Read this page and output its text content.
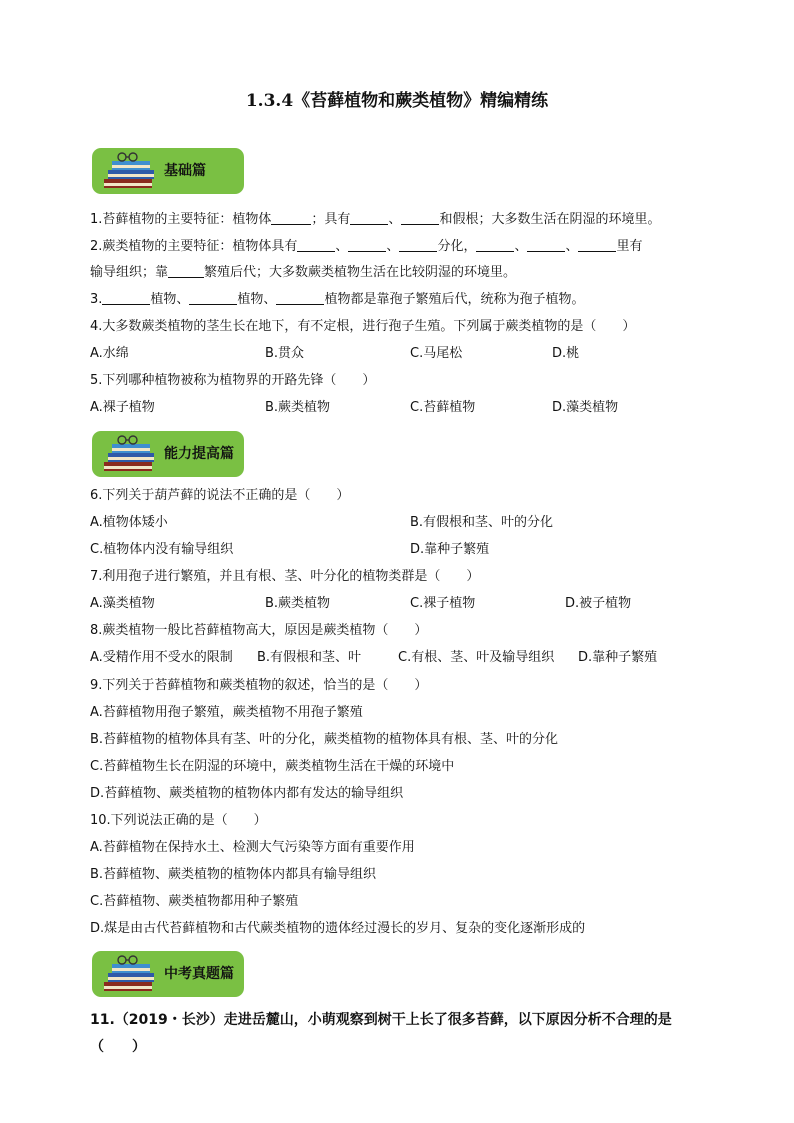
1.3.4《苔藓植物和蕨类植物》精编精练
基础篇
1.苔藓植物的主要特征：植物体	；具有	、	和假根；大多数生活在阴湿的环境里。
2.蕨类植物的主要特征：植物体具有	、	、	分化，	、	、	里有
输导组织；靠	繁殖后代；大多数蕨类植物生活在比较阴湿的环境里。
3.	植物、	植物、	植物都是靠孢子繁殖后代，统称为孢子植物。
4.大多数蕨类植物的茎生长在地下，有不定根，进行孢子生殖。下列属于蕨类植物的是（　　）
A.水绵	B.贯众	C.马尾松	D.桃
5.下列哪种植物被称为植物界的开路先锋（　　）
A.裸子植物	B.蕨类植物	C.苔藓植物	D.藻类植物
能力提高篇
6.下列关于葫芦藓的说法不正确的是（　　）
A.植物体矮小	B.有假根和茎、叶的分化
C.植物体内没有输导组织	D.靠种子繁殖
7.利用孢子进行繁殖，并且有根、茎、叶分化的植物类群是（　　）
A.藻类植物	B.蕨类植物	C.裸子植物	D.被子植物
8.蕨类植物一般比苔藓植物高大，原因是蕨类植物（　　）
A.受精作用不受水的限制 B.有假根和茎、叶	C.有根、茎、叶及输导组织 D.靠种子繁殖
9.下列关于苔藓植物和蕨类植物的叙述，恰当的是（　　）
A.苔藓植物用孢子繁殖，蕨类植物不用孢子繁殖
B.苔藓植物的植物体具有茎、叶的分化，蕨类植物的植物体具有根、茎、叶的分化
C.苔藓植物生长在阴湿的环境中，蕨类植物生活在干燥的环境中
D.苔藓植物、蕨类植物的植物体内都有发达的输导组织
10.下列说法正确的是（　　）
A.苔藓植物在保持水土、检测大气污染等方面有重要作用
B.苔藓植物、蕨类植物的植物体内都具有输导组织
C.苔藓植物、蕨类植物都用种子繁殖
D.煤是由古代苔藓植物和古代蕨类植物的遗体经过漫长的岁月、复杂的变化逐渐形成的
中考真题篇
11.（2019・长沙）走进岳麓山，小萌观察到树干上长了很多苔藓，以下原因分析不合理的是
（　　）
